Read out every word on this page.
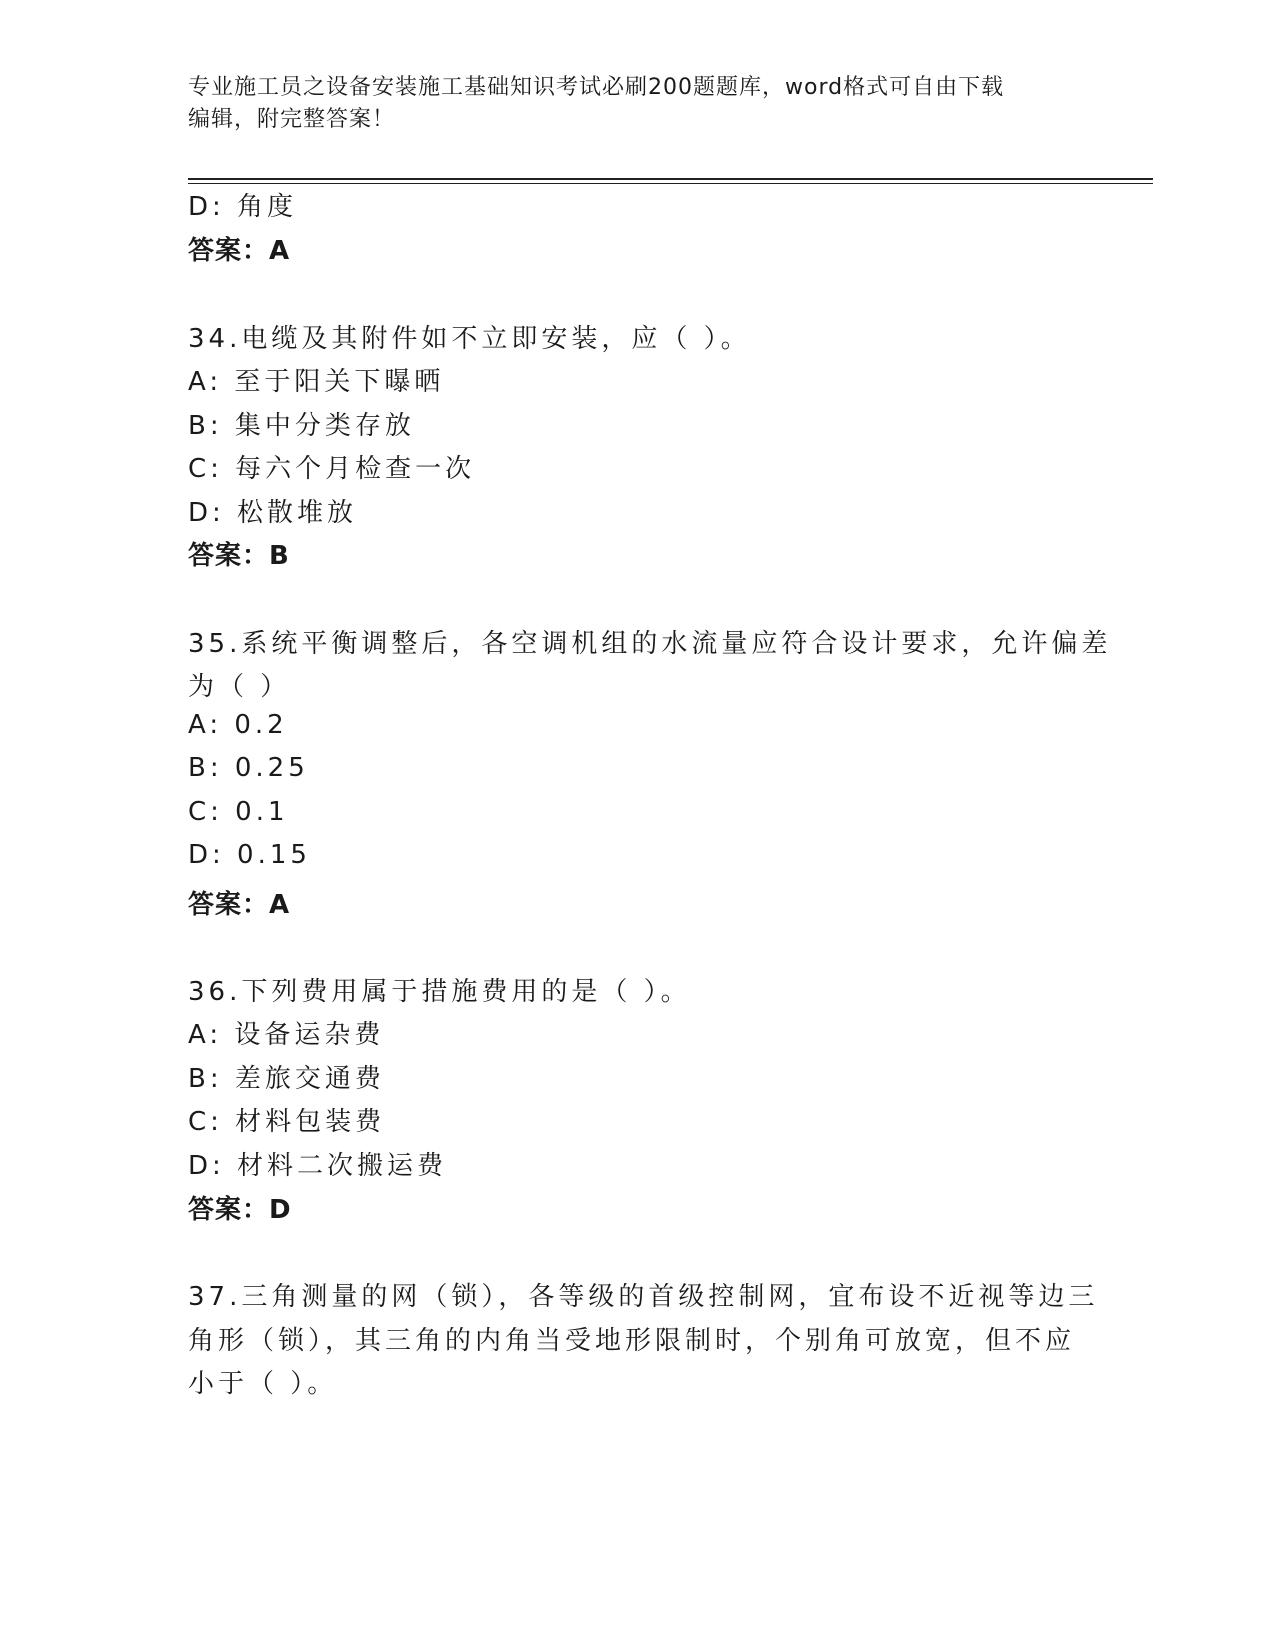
专业施工员之设备安装施工基础知识考试必刷200题题库，word格式可自由下载
编辑，附完整答案！
D: 角度
答案：A
34.电缆及其附件如不立即安装，应（ ）。
A: 至于阳关下曝晒
B: 集中分类存放
C: 每六个月检查一次
D: 松散堆放
答案：B
35.系统平衡调整后，各空调机组的水流量应符合设计要求，允许偏差
为（ ）
A: 0.2
B: 0.25
C: 0.1
D: 0.15
答案：A
36.下列费用属于措施费用的是（ ）。
A: 设备运杂费
B: 差旅交通费
C: 材料包装费
D: 材料二次搬运费
答案：D
37.三角测量的网（锁），各等级的首级控制网，宜布设不近视等边三
角形（锁），其三角的内角当受地形限制时，个别角可放宽，但不应
小于（ ）。
